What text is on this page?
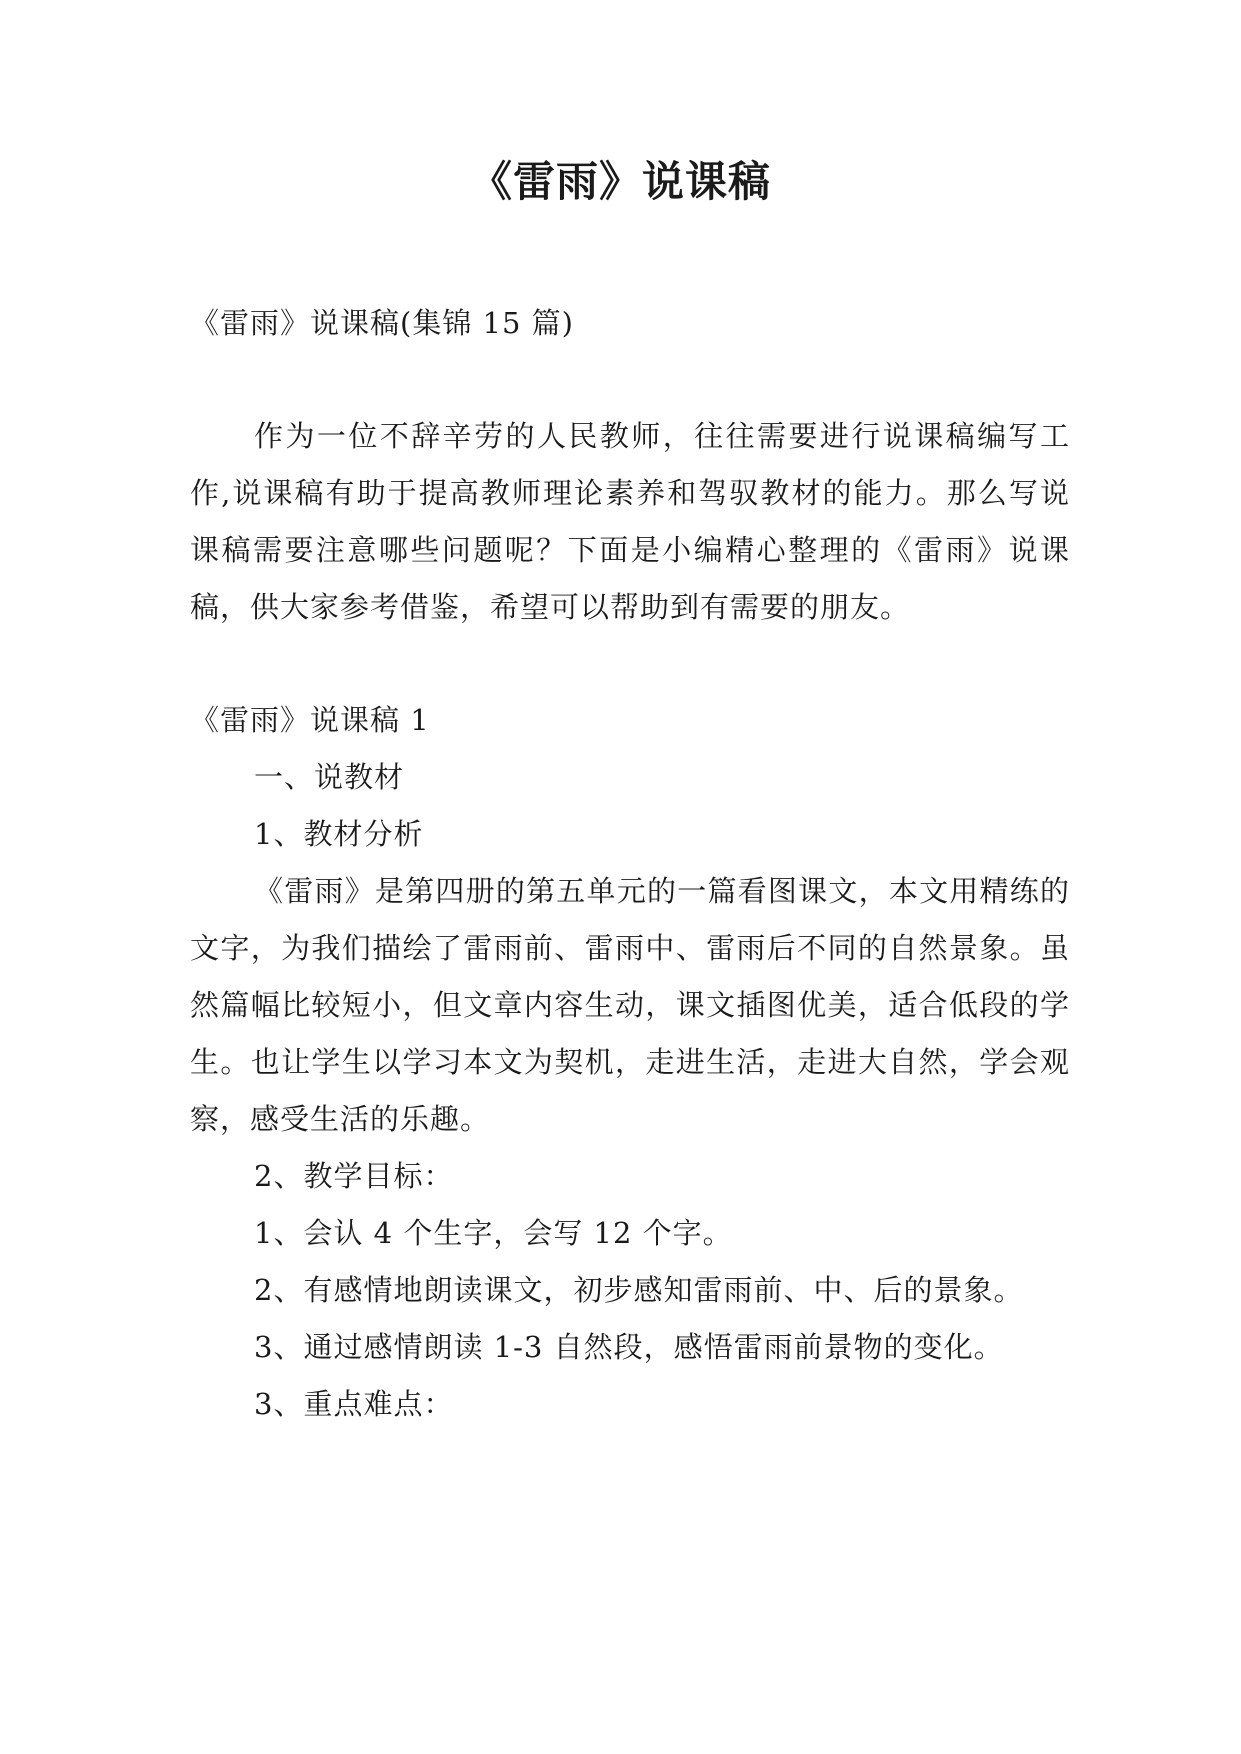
《雷雨》说课稿

《雷雨》说课稿(集锦 15 篇)

作为一位不辞辛劳的人民教师，往往需要进行说课稿编写工作,说课稿有助于提高教师理论素养和驾驭教材的能力。那么写说课稿需要注意哪些问题呢？下面是小编精心整理的《雷雨》说课稿，供大家参考借鉴，希望可以帮助到有需要的朋友。

《雷雨》说课稿 1

一、说教材

1、教材分析

《雷雨》是第四册的第五单元的一篇看图课文，本文用精练的文字，为我们描绘了雷雨前、雷雨中、雷雨后不同的自然景象。虽然篇幅比较短小，但文章内容生动，课文插图优美，适合低段的学生。也让学生以学习本文为契机，走进生活，走进大自然，学会观察，感受生活的乐趣。

2、教学目标：

1、会认 4 个生字，会写 12 个字。

2、有感情地朗读课文，初步感知雷雨前、中、后的景象。

3、通过感情朗读 1-3 自然段，感悟雷雨前景物的变化。

3、重点难点：
